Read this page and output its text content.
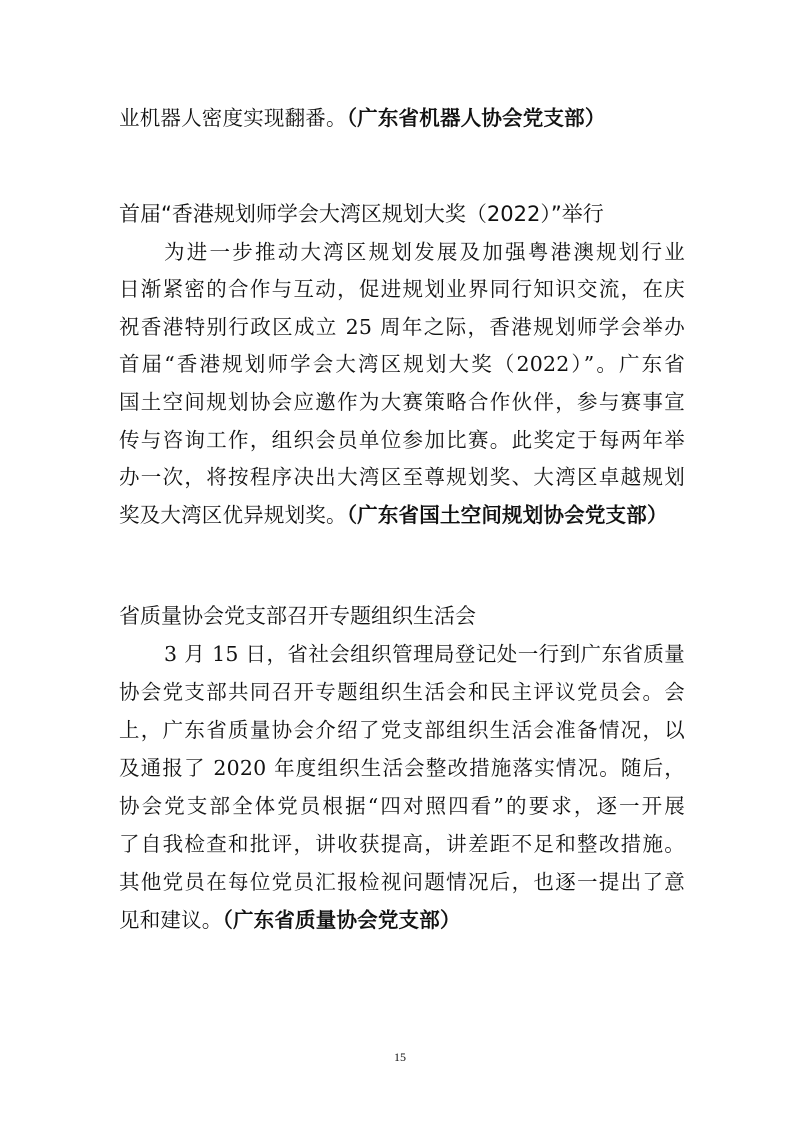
业机器人密度实现翻番。（广东省机器人协会党支部）
首届“香港规划师学会大湾区规划大奖（2022）”举行
为进一步推动大湾区规划发展及加强粤港澳规划行业
日渐紧密的合作与互动，促进规划业界同行知识交流，在庆
祝香港特别行政区成立 25 周年之际，香港规划师学会举办
首届“香港规划师学会大湾区规划大奖（2022）”。广东省
国土空间规划协会应邀作为大赛策略合作伙伴，参与赛事宣
传与咨询工作，组织会员单位参加比赛。此奖定于每两年举
办一次，将按程序决出大湾区至尊规划奖、大湾区卓越规划
奖及大湾区优异规划奖。（广东省国土空间规划协会党支部）
省质量协会党支部召开专题组织生活会
3 月 15 日，省社会组织管理局登记处一行到广东省质量
协会党支部共同召开专题组织生活会和民主评议党员会。会
上，广东省质量协会介绍了党支部组织生活会准备情况，以
及通报了 2020 年度组织生活会整改措施落实情况。随后，
协会党支部全体党员根据“四对照四看”的要求，逐一开展
了自我检查和批评，讲收获提高，讲差距不足和整改措施。
其他党员在每位党员汇报检视问题情况后，也逐一提出了意
见和建议。（广东省质量协会党支部）
15
